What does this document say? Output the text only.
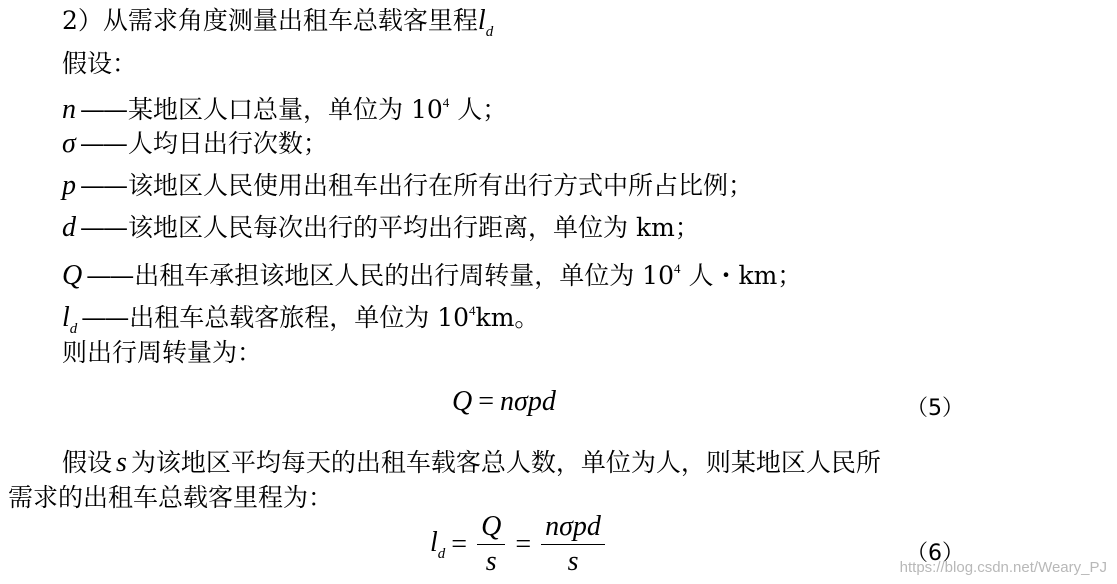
2）从需求角度测量出租车总载客里程$l_d$
假设：
n ——某地区人口总量，单位为 $10^4$ 人；
σ ——人均日出行次数；
p ——该地区人民使用出租车出行在所有出行方式中所占比例；
d ——该地区人民每次出行的平均出行距离，单位为 km；
Q ——出租车承担该地区人民的出行周转量，单位为 $10^4$ 人・km；
$l_d$ ——出租车总载客旅程，单位为 $10^4km$。
则出行周转量为：
Q = nσpd	（5）
假设 s 为该地区平均每天的出租车载客总人数，单位为人，则某地区人民所
需求的出租车总载客里程为：
$l_d = \frac{Q}{s} = \frac{\text{nσpd}}{s}$	（6）
https://blog.csdn.net/Weary_PJ
